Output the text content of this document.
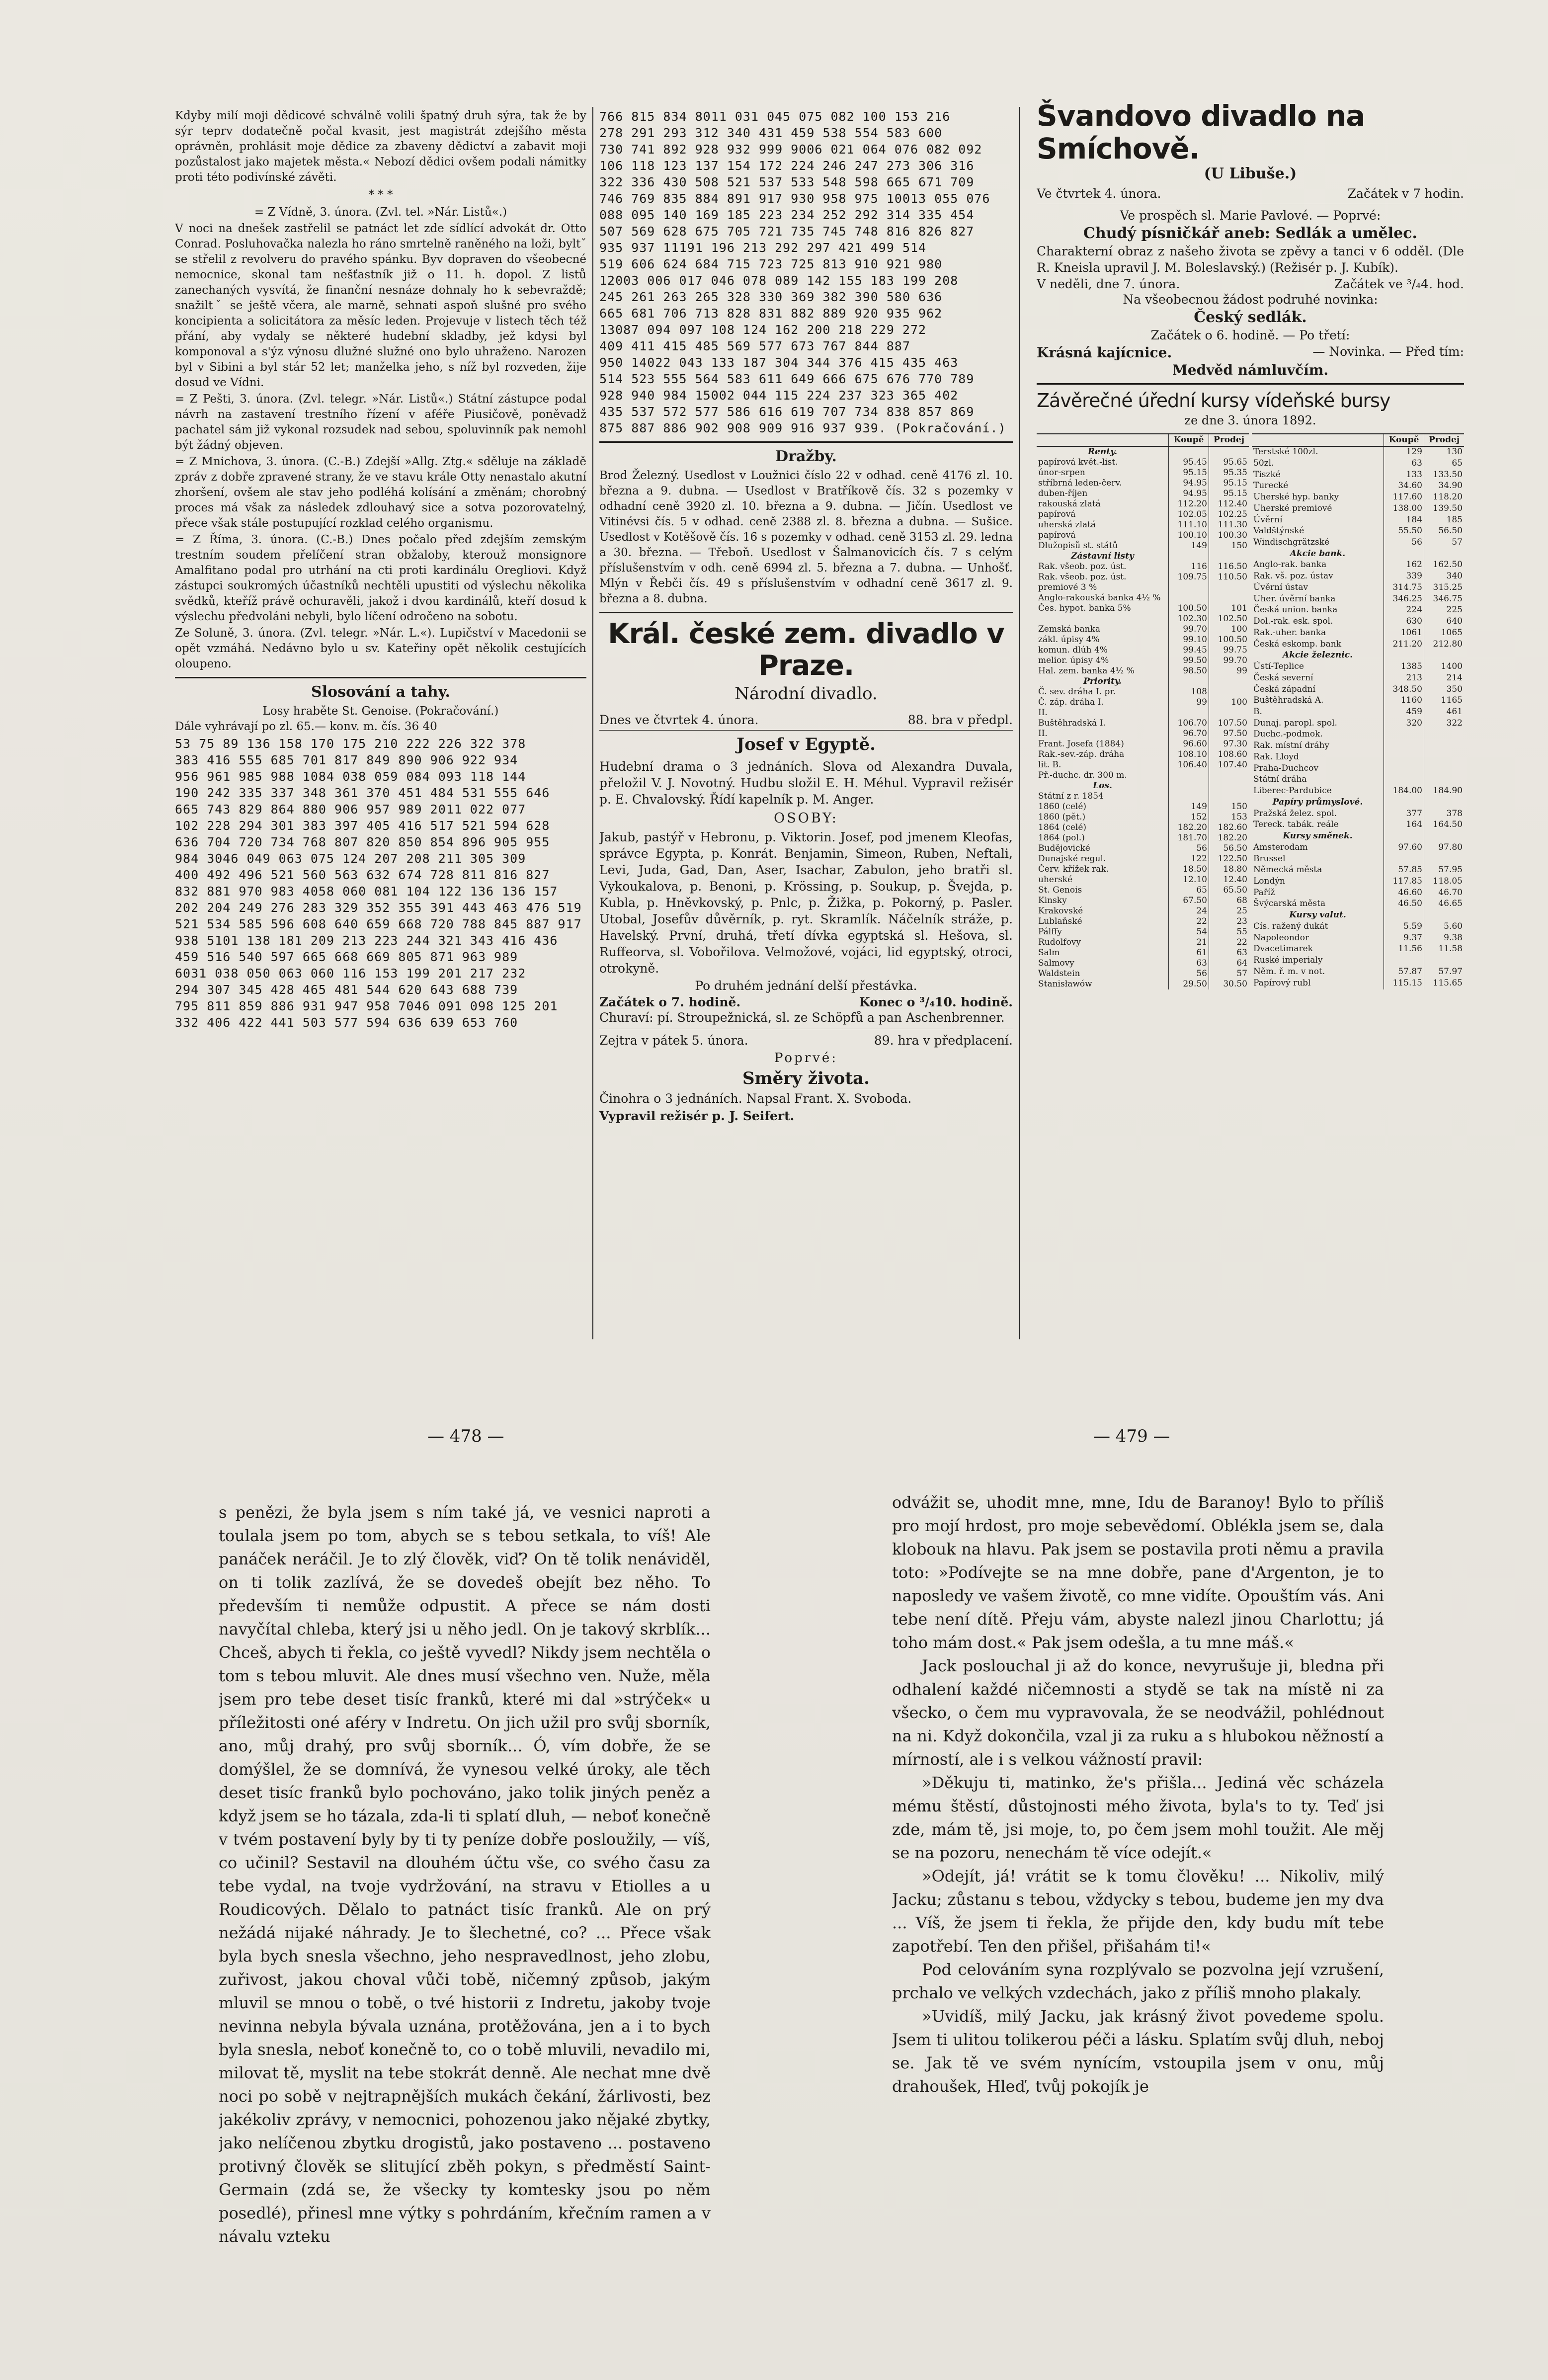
Kdyby milí moji dědicové schválně volili špatný druh sýra, tak že by sýr teprv dodatečně počal kvasit, jest magistrát zdejšího města oprávněn, prohlásit moje dědice za zbaveny dědictví a zabavit moji pozůstalost jako majetek města.« Nebozí dědici ovšem podali námitky proti této podivínské závěti.

* * *

= Z Vídně, 3. února. (Zvl. tel. »Nár. Listů«.)

V noci na dnešek zastřelil se patnáct let zde sídlící advokát dr. Otto Conrad. Posluhovačka nalezla ho ráno smrtelně raněného na loži, byltˇ se střelil z revolveru do pravého spánku. Byv dopraven do všeobecné nemocnice, skonal tam nešťastník již o 11. h. dopol. Z listů zanechaných vysvítá, že finanční nesnáze dohnaly ho k sebevraždě; snažiltˇ se ještě včera, ale marně, sehnati aspoň slušné pro svého koncipienta a solicitátora za měsíc leden. Projevuje v listech těch též přání, aby vydaly se některé hudební skladby, jež kdysi byl komponoval a s'ýz výnosu dlužné služné ono bylo uhraženo. Narozen byl v Sibini a byl stár 52 let; manželka jeho, s níž byl rozveden, žije dosud ve Vídni.

= Z Pešti, 3. února. (Zvl. telegr. »Nár. Listů«.) Státní zástupce podal návrh na zastavení trestního řízení v aféře Piusičově, poněvadž pachatel sám již vykonal rozsudek nad sebou, spoluvinník pak nemohl být žádný objeven.

= Z Mnichova, 3. února. (C.-B.) Zdejší »Allg. Ztg.« sděluje na základě zpráv z dobře zpravené strany, že ve stavu krále Otty nenastalo akutní zhoršení, ovšem ale stav jeho podléhá kolísání a změnám; chorobný proces má však za následek zdlouhavý sice a sotva pozorovatelný, přece však stále postupující rozklad celého organismu.

= Z Říma, 3. února. (C.-B.) Dnes počalo před zdejším zemským trestním soudem přelíčení stran obžaloby, kterouž monsignore Amalfitano podal pro utrhání na cti proti kardinálu Oregliovi. Když zástupci soukromých účastníků nechtěli upustiti od výslechu několika svědků, kteříž právě ochuravěli, jakož i dvou kardinálů, kteří dosud k výslechu předvoláni nebyli, bylo líčení odročeno na sobotu.

Ze Soluně, 3. února. (Zvl. telegr. »Nár. L.«). Lupičství v Macedonii se opět vzmáhá. Nedávno bylo u sv. Kateřiny opět několik cestujících oloupeno.

Slosování a tahy.

Losy hraběte St. Genoise. (Pokračování.)

Dále vyhrávají po zl. 65.— konv. m. čís. 36 40

53 75 89 136 158 170 175 210 222 226 322 378
383 416 555 685 701 817 849 890 906 922 934
956 961 985 988 1084 038 059 084 093 118 144
190 242 335 337 348 361 370 451 484 531 555 646
665 743 829 864 880 906 957 989 2011 022 077
102 228 294 301 383 397 405 416 517 521 594 628
636 704 720 734 768 807 820 850 854 896 905 955
984 3046 049 063 075 124 207 208 211 305 309
400 492 496 521 560 563 632 674 728 811 816 827
832 881 970 983 4058 060 081 104 122 136 136 157
202 204 249 276 283 329 352 355 391 443 463 476 519
521 534 585 596 608 640 659 668 720 788 845 887 917
938 5101 138 181 209 213 223 244 321 343 416 436
459 516 540 597 665 668 669 805 871 963 989
6031 038 050 063 060 116 153 199 201 217 232
294 307 345 428 465 481 544 620 643 688 739
795 811 859 886 931 947 958 7046 091 098 125 201
332 406 422 441 503 577 594 636 639 653 760
766 815 834 8011 031 045 075 082 100 153 216
278 291 293 312 340 431 459 538 554 583 600
730 741 892 928 932 999 9006 021 064 076 082 092
106 118 123 137 154 172 224 246 247 273 306 316
322 336 430 508 521 537 533 548 598 665 671 709
746 769 835 884 891 917 930 958 975 10013 055 076
088 095 140 169 185 223 234 252 292 314 335 454
507 569 628 675 705 721 735 745 748 816 826 827
935 937 11191 196 213 292 297 421 499 514
519 606 624 684 715 723 725 813 910 921 980
12003 006 017 046 078 089 142 155 183 199 208
245 261 263 265 328 330 369 382 390 580 636
665 681 706 713 828 831 882 889 920 935 962
13087 094 097 108 124 162 200 218 229 272
409 411 415 485 569 577 673 767 844 887
950 14022 043 133 187 304 344 376 415 435 463
514 523 555 564 583 611 649 666 675 676 770 789
928 940 984 15002 044 115 224 237 323 365 402
435 537 572 577 586 616 619 707 734 838 857 869
875 887 886 902 908 909 916 937 939. (Pokračování.)

Dražby.

Brod Železný. Usedlost v Loužnici číslo 22 v odhad. ceně 4176 zl. 10. března a 9. dubna. — Usedlost v Bratříkově čís. 32 s pozemky v odhadní ceně 3920 zl. 10. března a 9. dubna. — Jičín. Usedlost ve Vitinévsi čís. 5 v odhad. ceně 2388 zl. 8. března a dubna. — Sušice. Usedlost v Kotěšově čís. 16 s pozemky v odhad. ceně 3153 zl. 29. ledna a 30. března. — Třeboň. Usedlost v Šalmanovicích čís. 7 s celým příslušenstvím v odh. ceně 6994 zl. 5. března a 7. dubna. — Unhošť. Mlýn v Řebči čís. 49 s příslušenstvím v odhadní ceně 3617 zl. 9. března a 8. dubna.

Král. české zem. divadlo v Praze.

Národní divadlo.

Dnes ve čtvrtek 4. února.	88. bra v předpl.

Josef v Egyptě.

Hudební drama o 3 jednáních. Slova od Alexandra Duvala, přeložil V. J. Novotný. Hudbu složil E. H. Méhul. Vypravil režisér p. E. Chvalovský. Řídí kapelník p. M. Anger.

OSOBY:

Jakub, pastýř v Hebronu, p. Viktorin. Josef, pod jmenem Kleofas, správce Egypta, p. Konrát. Benjamin, Simeon, Ruben, Neftali, Levi, Juda, Gad, Dan, Aser, Isachar, Zabulon, jeho bratři sl. Vykoukalova, p. Benoni, p. Krössing, p. Soukup, p. Švejda, p. Kubla, p. Hněvkovský, p. Pnlc, p. Žižka, p. Pokorný, p. Pasler. Utobal, Josefův důvěrník, p. ryt. Skramlík. Náčelník stráže, p. Havelský. První, druhá, třetí dívka egyptská sl. Hešova, sl. Ruffeorva, sl. Vobořilova. Velmožové, vojáci, lid egyptský, otroci, otrokyně.

Po druhém jednání delší přestávka.

Začátek o 7. hodině.	Konec o ³/₄10. hodině.

Churaví: pí. Stroupežnická, sl. ze Schöpfů a pan Aschenbrenner.

Zejtra v pátek 5. února.	89. hra v předplacení.

Poprvé:

Směry života.

Činohra o 3 jednáních. Napsal Frant. X. Svoboda.

Vypravil režisér p. J. Seifert.

Švandovo divadlo na Smíchově.

(U Libuše.)

Ve čtvrtek 4. února.	Začátek v 7 hodin.

Ve prospěch sl. Marie Pavlové. — Poprvé:

Chudý písničkář aneb: Sedlák a umělec.

Charakterní obraz z našeho života se zpěvy a tanci v 6 odděl. (Dle R. Kneisla upravil J. M. Boleslavský.) (Režisér p. J. Kubík).

V neděli, dne 7. února.	Začátek ve ³/₄4. hod.

Na všeobecnou žádost podruhé novinka:

Český sedlák.

Začátek o 6. hodině. — Po třetí:

Krásná kajícnice.	— Novinka. — Před tím:

Medvěd námluvčím.

Závěrečné úřední kursy vídeňské bursy

ze dne 3. února 1892.

	Koupě	Prodej
Renty.		
papírová květ.-list.	95.45	95.65
únor-srpen	95.15	95.35
stříbrná leden-červ.	94.95	95.15
duben-říjen	94.95	95.15
rakouská zlatá	112.20	112.40
papírová	102.05	102.25
uherská zlatá	111.10	111.30
papírová	100.10	100.30
Dlužopisů st. států	149	150
Zástavní listy		
Rak. všeob. poz. úst.	116	116.50
Rak. všeob. poz. úst. premiové 3 %	109.75	110.50
Anglo-rakouská banka 4½ %		
Čes. hypot. banka 5%	100.50	101
	102.30	102.50
Zemská banka	99.70	100
zákl. úpisy 4%	99.10	100.50
komun. dlúh 4%	99.45	99.75
melior. úpisy 4%	99.50	99.70
Hal. zem. banka 4½ %	98.50	99
Priority.		
Č. sev. dráha I. pr.	108	
Č. záp. dráha I.	99	100
II.		
Buštěhradská I.	106.70	107.50
II.	96.70	97.50
Frant. Josefa (1884)	96.60	97.30
Rak.-sev.-záp. dráha	108.10	108.60
lit. B.	106.40	107.40
Př.-duchc. dr. 300 m.		
Los.		
Státní z r. 1854		
1860 (celé)	149	150
1860 (pět.)	152	153
1864 (celé)	182.20	182.60
1864 (pol.)	181.70	182.20
Budějovické	56	56.50
Dunajské regul.	122	122.50
Červ. křížek rak.	18.50	18.80
uherské	12.10	12.40
St. Genois	65	65.50
Kinsky	67.50	68
Krakovské	24	25
Lublaňské	22	23
Pálffy	54	55
Rudolfovy	21	22
Salm	61	63
Salmovy	63	64
Waldstein	56	57
Stanisławów	29.50	30.50
	Koupě	Prodej
Terstské 100zl.	129	130
50zl.	63	65
Tiszké	133	133.50
Turecké	34.60	34.90
Uherské hyp. banky	117.60	118.20
Uherské premiové	138.00	139.50
Úvěrní	184	185
Valdštýnské	55.50	56.50
Windischgrätzské	56	57
Akcie bank.		
Anglo-rak. banka	162	162.50
Rak. vš. poz. ústav	339	340
Úvěrní ústav	314.75	315.25
Uher. úvěrní banka	346.25	346.75
Česká union. banka	224	225
Dol.-rak. esk. spol.	630	640
Rak.-uher. banka	1061	1065
Česká eskomp. bank	211.20	212.80
Akcie železnic.		
Ústí-Teplice	1385	1400
Česká severní	213	214
Česká západní	348.50	350
Buštěhradská A.	1160	1165
B.	459	461
Dunaj. paropl. spol.	320	322
Duchc.-podmok.		
Rak. místní dráhy		
Rak. Lloyd		
Praha-Duchcov		
Státní dráha		
Liberec-Pardubice	184.00	184.90
Papíry průmyslové.		
Pražská želez. spol.	377	378
Tereck. tabák. reále	164	164.50
Kursy směnek.		
Amsterodam	97.60	97.80
Brussel		
Německá města	57.85	57.95
Londýn	117.85	118.05
Paříž	46.60	46.70
Švýcarská města	46.50	46.65
Kursy valut.		
Cís. ražený dukát	5.59	5.60
Napoleondor	9.37	9.38
Dvacetimarek	11.56	11.58
Ruské imperialy		
Něm. ř. m. v not.	57.87	57.97
Papírový rubl	115.15	115.65
— 478 —	— 479 —

s penězi, že byla jsem s ním také já, ve vesnici naproti a toulala jsem po tom, abych se s tebou setkala, to víš! Ale panáček neráčil. Je to zlý člověk, viď? On tě tolik nenáviděl, on ti tolik zazlívá, že se dovedeš obejít bez něho. To především ti nemůže odpustit. A přece se nám dosti navyčítal chleba, který jsi u něho jedl. On je takový skrblík... Chceš, abych ti řekla, co ještě vyvedl? Nikdy jsem nechtěla o tom s tebou mluvit. Ale dnes musí všechno ven. Nuže, měla jsem pro tebe deset tisíc franků, které mi dal »strýček« u příležitosti oné aféry v Indretu. On jich užil pro svůj sborník, ano, můj drahý, pro svůj sborník... Ó, vím dobře, že se domýšlel, že se domnívá, že vynesou velké úroky, ale těch deset tisíc franků bylo pochováno, jako tolik jiných peněz a když jsem se ho tázala, zda-li ti splatí dluh, — neboť konečně v tvém postavení byly by ti ty peníze dobře posloužily, — víš, co učinil? Sestavil na dlouhém účtu vše, co svého času za tebe vydal, na tvoje vydržování, na stravu v Etiolles a u Roudicových. Dělalo to patnáct tisíc franků. Ale on prý nežádá nijaké náhrady. Je to šlechetné, co? ... Přece však byla bych snesla všechno, jeho nespravedlnost, jeho zlobu, zuřivost, jakou choval vůči tobě, ničemný způsob, jakým mluvil se mnou o tobě, o tvé historii z Indretu, jakoby tvoje nevinna nebyla bývala uznána, protěžována, jen a i to bych byla snesla, neboť konečně to, co o tobě mluvili, nevadilo mi, milovat tě, myslit na tebe stokrát denně. Ale nechat mne dvě noci po sobě v nejtrapnějších mukách čekání, žárlivosti, bez jakékoliv zprávy, v nemocnici, pohozenou jako nějaké zbytky, jako nelíčenou zbytku drogistů, jako postaveno ... postaveno protivný člověk se slitující zběh pokyn, s předměstí Saint-Germain (zdá se, že všecky ty komtesky jsou po něm posedlé), přinesl mne výtky s pohrdáním, křečním ramen a v návalu vzteku

odvážit se, uhodit mne, mne, Idu de Baranoy! Bylo to příliš pro mojí hrdost, pro moje sebevědomí. Oblékla jsem se, dala klobouk na hlavu. Pak jsem se postavila proti němu a pravila toto: »Podívejte se na mne dobře, pane d'Argenton, je to naposledy ve vašem životě, co mne vidíte. Opouštím vás. Ani tebe není dítě. Přeju vám, abyste nalezl jinou Charlottu; já toho mám dost.« Pak jsem odešla, a tu mne máš.«

Jack poslouchal ji až do konce, nevyrušuje ji, bledna při odhalení každé ničemnosti a stydě se tak na místě ni za všecko, o čem mu vypravovala, že se neodvážil, pohlédnout na ni. Když dokončila, vzal ji za ruku a s hlubokou něžností a mírností, ale i s velkou vážností pravil:

»Děkuju ti, matinko, že's přišla... Jediná věc scházela mému štěstí, důstojnosti mého života, byla's to ty. Teď jsi zde, mám tě, jsi moje, to, po čem jsem mohl toužit. Ale měj se na pozoru, nenechám tě více odejít.«

»Odejít, já! vrátit se k tomu člověku! ... Nikoliv, milý Jacku; zůstanu s tebou, vždycky s tebou, budeme jen my dva ... Víš, že jsem ti řekla, že přijde den, kdy budu mít tebe zapotřebí. Ten den přišel, přišahám ti!«

Pod celováním syna rozplývalo se pozvolna její vzrušení, prchalo ve velkých vzdechách, jako z příliš mnoho plakaly.

»Uvidíš, milý Jacku, jak krásný život povedeme spolu. Jsem ti ulitou tolikerou péči a lásku. Splatím svůj dluh, neboj se. Jak tě ve svém nynícím, vstoupila jsem v onu, můj drahoušek, Hleď, tvůj pokojík je
